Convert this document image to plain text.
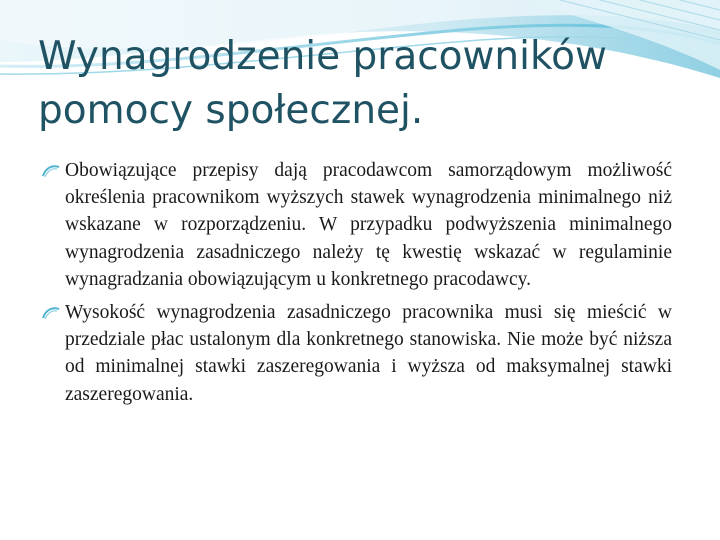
Wynagrodzenie pracowników pomocy społecznej.

Obowiązujące przepisy dają pracodawcom samorządowym możliwość określenia pracownikom wyższych stawek wynagrodzenia minimalnego niż wskazane w rozporządzeniu. W przypadku podwyższenia minimalnego wynagrodzenia zasadniczego należy tę kwestię wskazać w regulaminie wynagradzania obowiązującym u konkretnego pracodawcy.

Wysokość wynagrodzenia zasadniczego pracownika musi się mieścić w przedziale płac ustalonym dla konkretnego stanowiska. Nie może być niższa od minimalnej stawki zaszeregowania i wyższa od maksymalnej stawki zaszeregowania.
